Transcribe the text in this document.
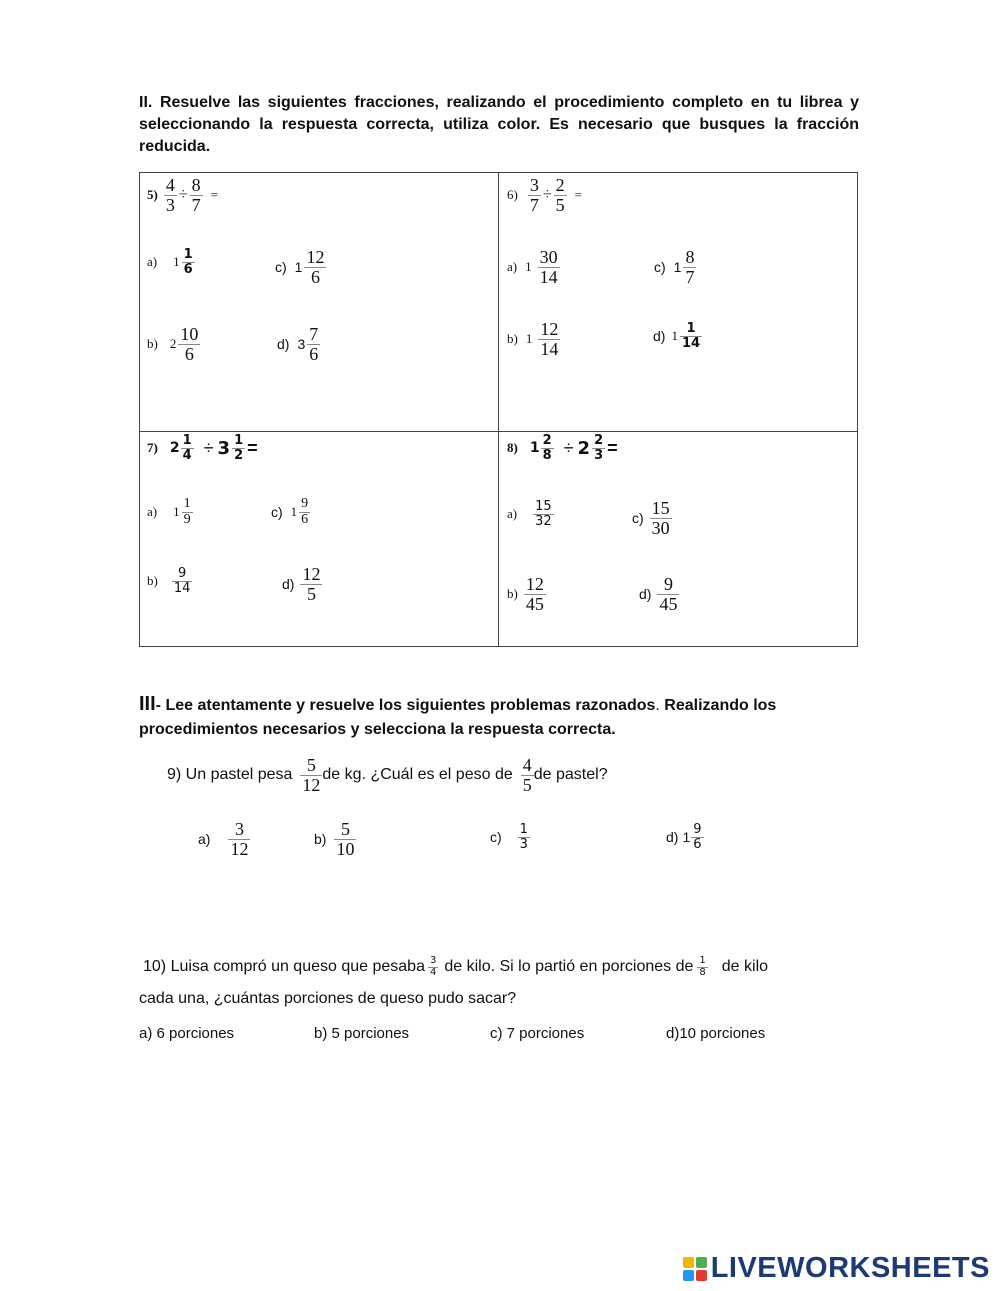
II. Resuelve las siguientes fracciones, realizando el procedimiento completo en tu librea y seleccionando la respuesta correcta, utiliza color. Es necesario que busques la fracción reducida.
$5) \frac{4}{3} \div \frac{8}{7}$ =
a) $1 \frac{1}{6}$	c) $1 \frac{12}{6}$
b) $2 \frac{10}{6}$	d) $3 \frac{7}{6}$
$6) \frac{3}{7} \div \frac{2}{5}$ =
a) $1 \frac{30}{14}$	c) $1 \frac{8}{7}$
b) $1 \frac{12}{14}$	d) $1 \frac{1}{14}$
7) $2 \frac{1}{4} \div 3 \frac{1}{2}$ =
a) $1 \frac{1}{9}$	c) $1 \frac{9}{6}$
$b) \frac{9}{14}$	$d) \frac{12}{5}$
8) $1 \frac{2}{8} \div 2 \frac{2}{3}$ =
$a) \frac{15}{32}$	$c) \frac{15}{30}$
$b) \frac{12}{45}$	$d) \frac{9}{45}$
III- Lee atentamente y resuelve los siguientes problemas razonados. Realizando los procedimientos necesarios y selecciona la respuesta correcta.
9) Un pastel pesa $\frac{5}{12}$ de kg. ¿Cuál es el peso de $\frac{4}{5}$ de pastel?
$a) \frac{3}{12}$	$b) \frac{5}{10}$	$c) \frac{1}{3}$	d) $1 \frac{9}{6}$
10) Luisa compró un queso que pesaba $\frac{3}{4}$ de kilo. Si lo partió en porciones de $\frac{1}{8}$ de kilo
cada una, ¿cuántas porciones de queso pudo sacar?
a) 6 porciones	b) 5 porciones	c) 7 porciones	d)10 porciones
LIVEWORKSHEETS
